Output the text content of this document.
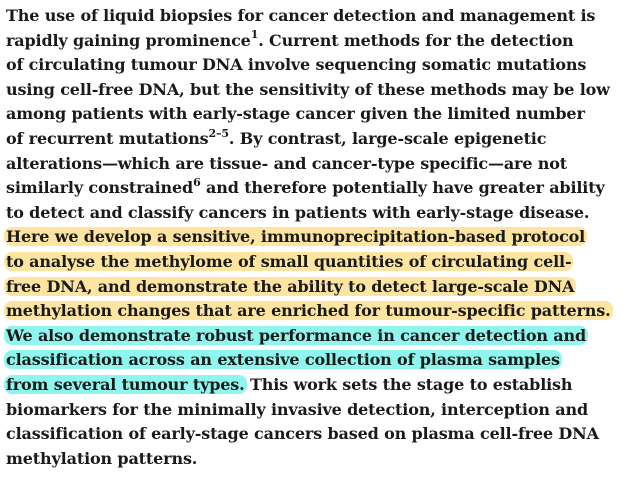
The use of liquid biopsies for cancer detection and management is
rapidly gaining prominence$^1$. Current methods for the detection
of circulating tumour DNA involve sequencing somatic mutations
using cell-free DNA, but the sensitivity of these methods may be low
among patients with early-stage cancer given the limited number
of recurrent mutations$^{2-5}$. By contrast, large-scale epigenetic
alterations—which are tissue- and cancer-type specific—are not
similarly constrained$^6$ and therefore potentially have greater ability
to detect and classify cancers in patients with early-stage disease.
Here we develop a sensitive, immunoprecipitation-based protocol
to analyse the methylome of small quantities of circulating cell-
free DNA, and demonstrate the ability to detect large-scale DNA
methylation changes that are enriched for tumour-specific patterns.
We also demonstrate robust performance in cancer detection and
classification across an extensive collection of plasma samples
from several tumour types. This work sets the stage to establish
biomarkers for the minimally invasive detection, interception and
classification of early-stage cancers based on plasma cell-free DNA
methylation patterns.
